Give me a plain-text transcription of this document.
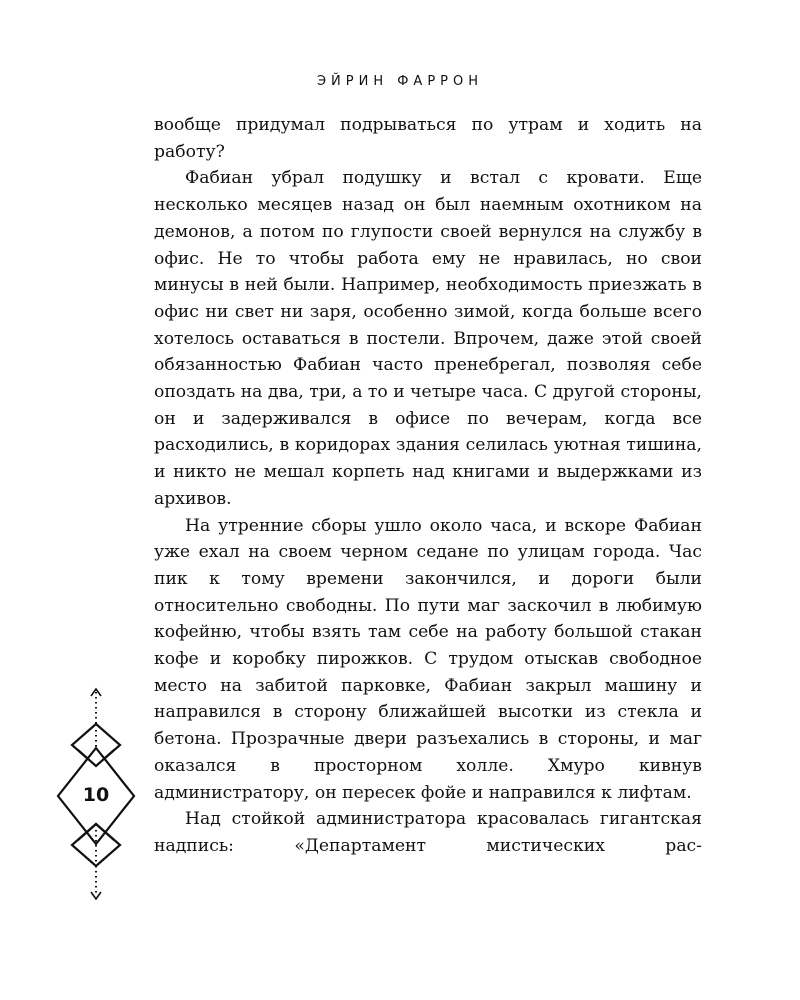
ЭЙРИН ФАРРОН

вообще придумал подрываться по утрам и ходить на работу?

Фабиан убрал подушку и встал с кровати. Еще несколько месяцев назад он был наемным охотником на демонов, а потом по глупости своей вернулся на службу в офис. Не то чтобы работа ему не нравилась, но свои минусы в ней были. Например, необходимость приезжать в офис ни свет ни заря, особенно зимой, когда больше всего хотелось оставаться в постели. Впрочем, даже этой своей обязанностью Фабиан часто пренебрегал, позволяя себе опоздать на два, три, а то и четыре часа. С другой стороны, он и задерживался в офисе по вечерам, когда все расходились, в коридорах здания селилась уютная тишина, и никто не мешал корпеть над книгами и выдержками из архивов.

На утренние сборы ушло около часа, и вскоре Фабиан уже ехал на своем черном седане по улицам города. Час пик к тому времени закончился, и дороги были относительно свободны. По пути маг заскочил в любимую кофейню, чтобы взять там себе на работу большой стакан кофе и коробку пирожков. С трудом отыскав свободное место на забитой парковке, Фабиан закрыл машину и направился в сторону ближайшей высотки из стекла и бетона. Прозрачные двери разъехались в стороны, и маг оказался в просторном холле. Хмуро кивнув администратору, он пересек фойе и направился к лифтам.

Над стойкой администратора красовалась гигантская надпись: «Департамент мистических рас-

10
